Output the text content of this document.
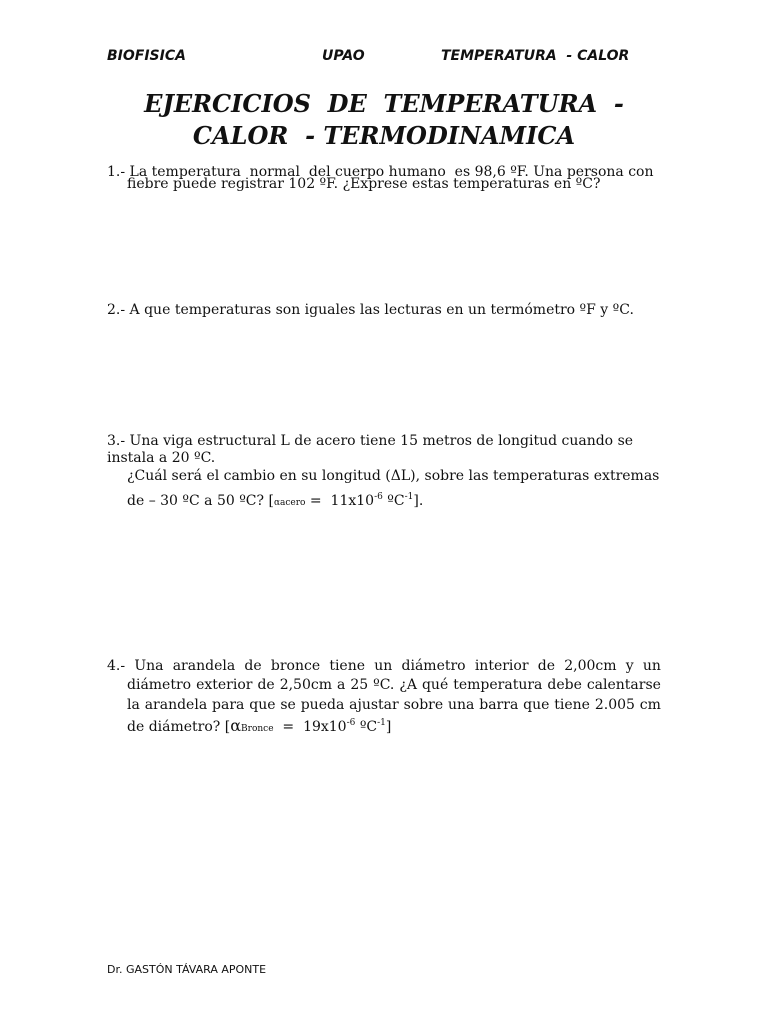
BIOFISICA	UPAO	TEMPERATURA  - CALOR
EJERCICIOS  DE  TEMPERATURA  -
CALOR  - TERMODINAMICA
1.- La temperatura  normal  del cuerpo humano  es 98,6 ºF. Una persona con
fiebre puede registrar 102 ºF. ¿Exprese estas temperaturas en ºC?
2.- A que temperaturas son iguales las lecturas en un termómetro ºF y ºC.
3.- Una viga estructural L de acero tiene 15 metros de longitud cuando se
instala a 20 ºC.
¿Cuál será el cambio en su longitud (ΔL), sobre las temperaturas extremas
de – 30 ºC a 50 ºC? [αacero =  $11x10^{-6}$ ºC$^{-1}$].
4.- Una arandela de bronce tiene un diámetro interior de 2,00cm y un
diámetro exterior de 2,50cm a 25 ºC. ¿A qué temperatura debe calentarse
la arandela para que se pueda ajustar sobre una barra que tiene 2.005 cm
de diámetro? [αBronce  =  $19x10^{-6}$ ºC$^{-1}$]
Dr. GASTÓN TÁVARA APONTE
